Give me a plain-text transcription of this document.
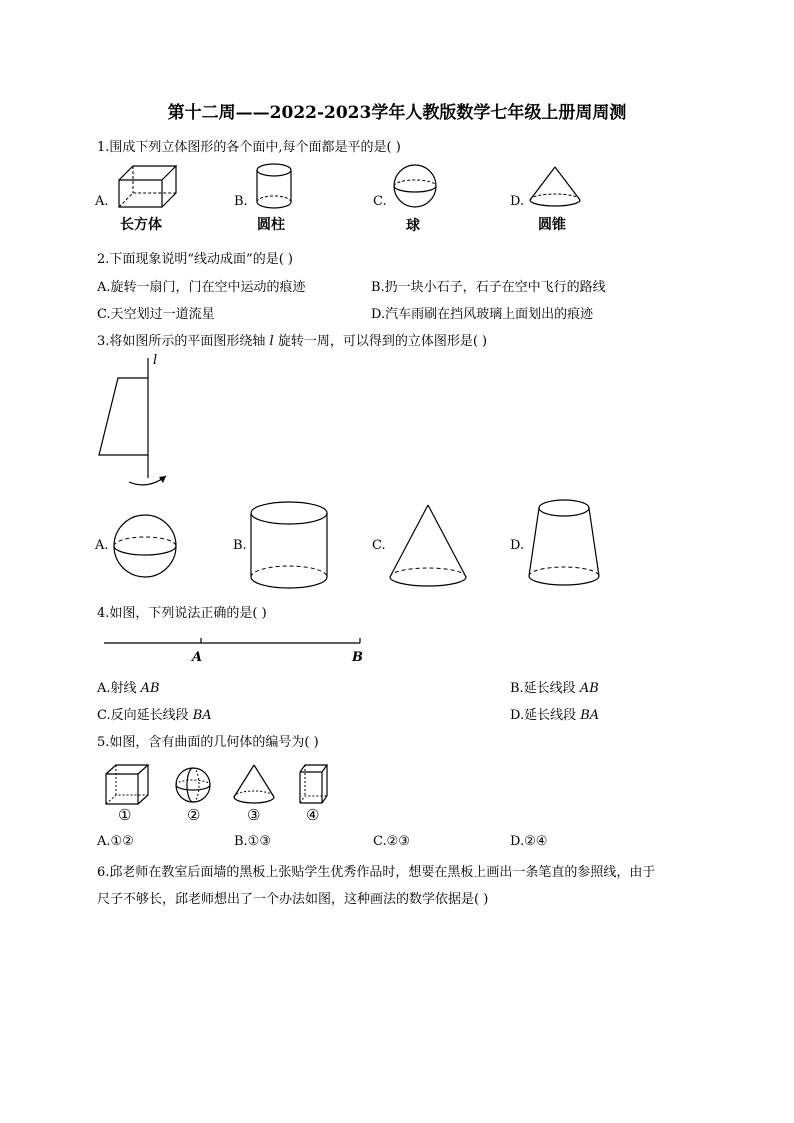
第十二周——2022-2023学年人教版数学七年级上册周周测
1.围成下列立体图形的各个面中,每个面都是平的是( )
A.
长方体
B.
圆柱
C.
球
D.
圆锥
2.下面现象说明“线动成面”的是( )
A.旋转一扇门，门在空中运动的痕迹	B.扔一块小石子，石子在空中飞行的路线
C.天空划过一道流星	D.汽车雨刷在挡风玻璃上面划出的痕迹
3.将如图所示的平面图形绕轴 l 旋转一周，可以得到的立体图形是( )
l
A.	B.	C.	D.
4.如图，下列说法正确的是( )
A	B
A.射线 AB	B.延长线段 AB
C.反向延长线段 BA	D.延长线段 BA
5.如图，含有曲面的几何体的编号为( )
①	②	③	④
A.①②	B.①③	C.②③	D.②④
6.邱老师在教室后面墙的黑板上张贴学生优秀作品时，想要在黑板上画出一条笔直的参照线，由于
尺子不够长，邱老师想出了一个办法如图，这种画法的数学依据是( )
